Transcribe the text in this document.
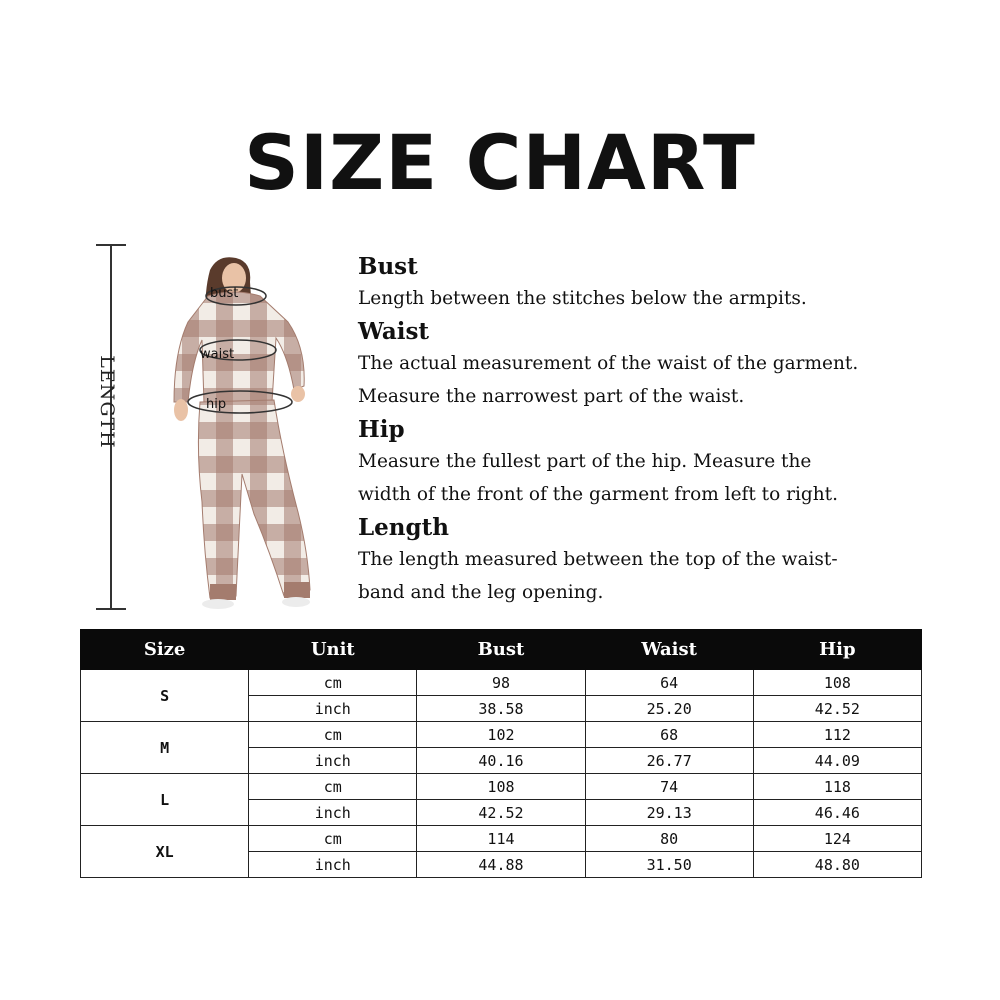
SIZE CHART
LENGTH
bust
waist
hip

Bust

Length between the stitches below the armpits.

Waist

The actual measurement of the waist of the garment.

Measure the narrowest part of the waist.

Hip

Measure the fullest part of the hip. Measure the

width of the front of the garment from left to right.

Length

The length measured between the top of the waist-

band and the leg opening.

Size	Unit	Bust	Waist	Hip
S	cm	98	64	108
	inch	38.58	25.20	42.52
M	cm	102	68	112
	inch	40.16	26.77	44.09
L	cm	108	74	118
	inch	42.52	29.13	46.46
XL	cm	114	80	124
	inch	44.88	31.50	48.80
